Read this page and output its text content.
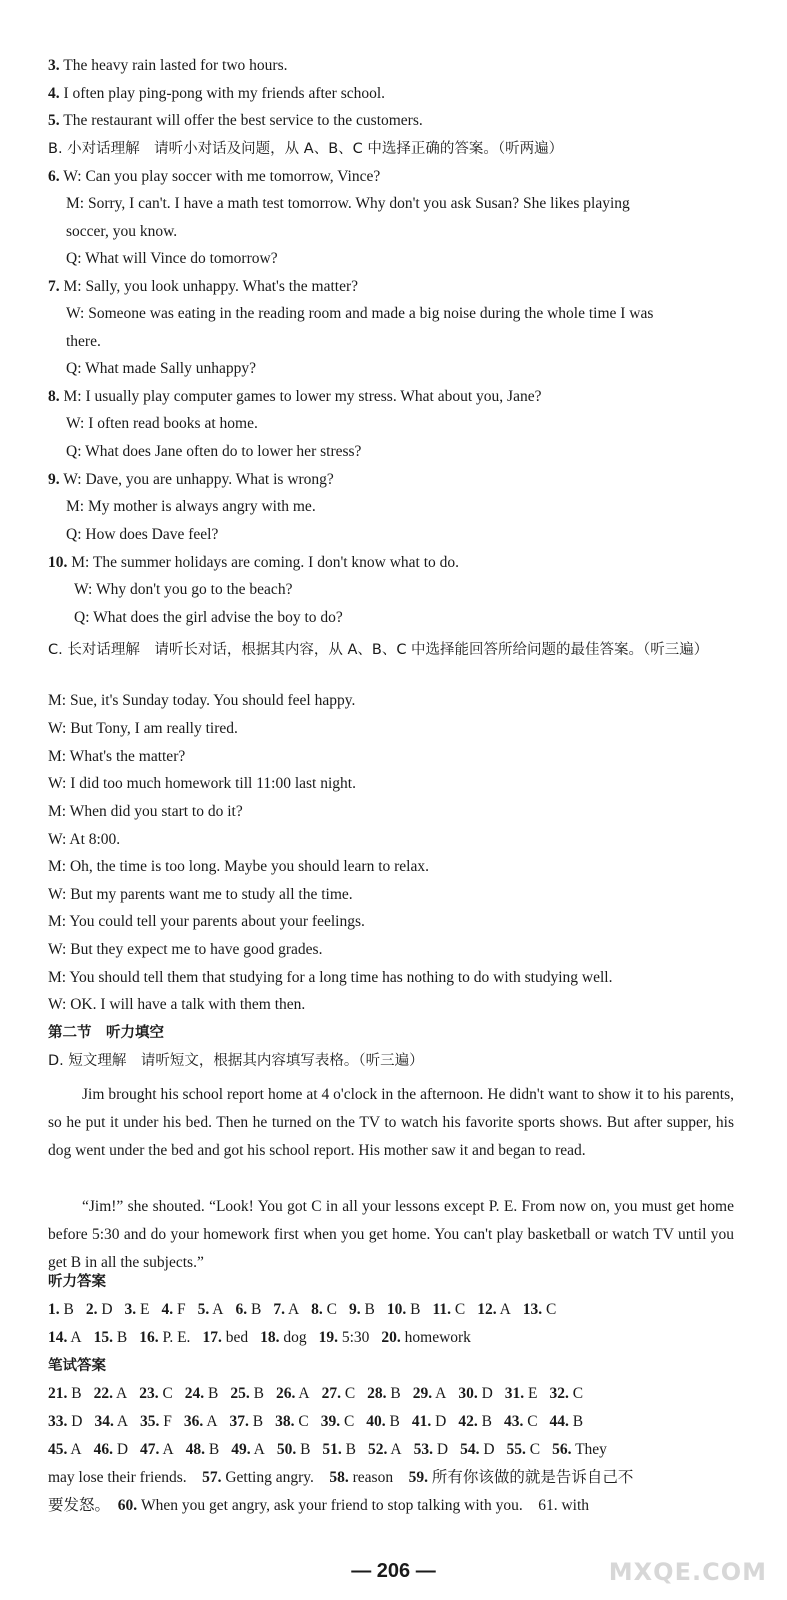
3. The heavy rain lasted for two hours.
4. I often play ping-pong with my friends after school.
5. The restaurant will offer the best service to the customers.
B. 小对话理解　请听小对话及问题，从 A、B、C 中选择正确的答案。（听两遍）
6. W: Can you play soccer with me tomorrow, Vince?
M: Sorry, I can't. I have a math test tomorrow. Why don't you ask Susan? She likes playing
soccer, you know.
Q: What will Vince do tomorrow?
7. M: Sally, you look unhappy. What's the matter?
W: Someone was eating in the reading room and made a big noise during the whole time I was
there.
Q: What made Sally unhappy?
8. M: I usually play computer games to lower my stress. What about you, Jane?
W: I often read books at home.
Q: What does Jane often do to lower her stress?
9. W: Dave, you are unhappy. What is wrong?
M: My mother is always angry with me.
Q: How does Dave feel?
10. M: The summer holidays are coming. I don't know what to do.
W: Why don't you go to the beach?
Q: What does the girl advise the boy to do?
C. 长对话理解　请听长对话，根据其内容，从 A、B、C 中选择能回答所给问题的最佳答案。（听三遍）
M: Sue, it's Sunday today. You should feel happy.
W: But Tony, I am really tired.
M: What's the matter?
W: I did too much homework till 11:00 last night.
M: When did you start to do it?
W: At 8:00.
M: Oh, the time is too long. Maybe you should learn to relax.
W: But my parents want me to study all the time.
M: You could tell your parents about your feelings.
W: But they expect me to have good grades.
M: You should tell them that studying for a long time has nothing to do with studying well.
W: OK. I will have a talk with them then.
第二节　听力填空
D. 短文理解　请听短文，根据其内容填写表格。（听三遍）
Jim brought his school report home at 4 o'clock in the afternoon. He didn't want to show it to his parents, so he put it under his bed. Then he turned on the TV to watch his favorite sports shows. But after supper, his dog went under the bed and got his school report. His mother saw it and began to read.
“Jim!” she shouted. “Look! You got C in all your lessons except P. E. From now on, you must get home before 5:30 and do your homework first when you get home. You can't play basketball or watch TV until you get B in all the subjects.”
听力答案
1. B 2. D 3. E 4. F 5. A 6. B 7. A 8. C 9. B 10. B 11. C 12. A 13. C
14. A 15. B 16. P. E. 17. bed 18. dog 19. 5:30 20. homework
笔试答案
21. B 22. A 23. C 24. B 25. B 26. A 27. C 28. B 29. A 30. D 31. E 32. C
33. D 34. A 35. F 36. A 37. B 38. C 39. C 40. B 41. D 42. B 43. C 44. B
45. A 46. D 47. A 48. B 49. A 50. B 51. B 52. A 53. D 54. D 55. C 56. They
may lose their friends.　57. Getting angry.　58. reason　59. 所有你该做的就是告诉自己不
要发怒。　60. When you get angry, ask your friend to stop talking with you.　61. with
— 206 —	MXQE.COM
